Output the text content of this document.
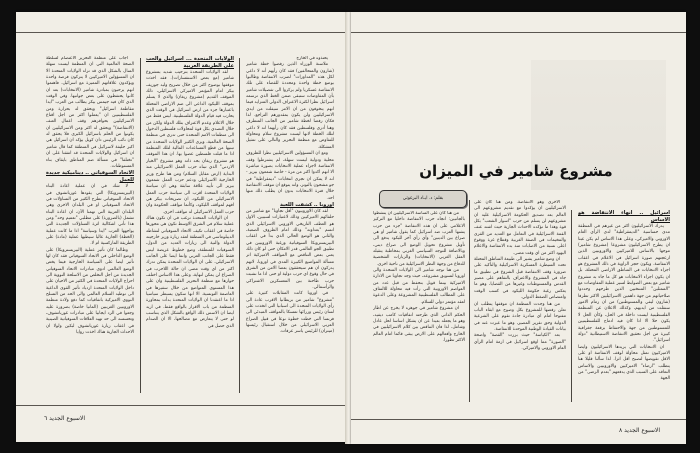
يحتذوه في الخارج

ملاسنة الوزراء الذين رفضوا خطة شامير (شارون والمتحالفين) فقد كان رأيهم أنه لا داعي لكل هذه "المداورات" لضرب الانتفاضة وطالبوا بوضع خطة واحدة ومحددة للقضاء على تلك الانتفاضة عسكريا ولم يركزوا الى تفصيلات شامير بأن المفاوضات ستبقى ضمن الخط الذي ترسمه اسرائيل نظرا لكثرة الاعتراف الدولي المتزايد فيما انهم يتخوفون من ان الامر سيفلت من ايدي الاسرائيليين ولن يكون بمقدورهم التراجع. لذا فكان رفضا لخطة شامير من الجانب المتطرف وهنا أدرى وفلسطين فقد كان رأيهما انه لا داعي لتلك الخطة لانها ليست مشروع سلام ومحاولة للتفاوض مع منظمة التحرير والتالي على تمثيل المشكلة.

ومع ان المسؤولين الاسرائيليين نظرا للظروف محلية ودولية ليست سهلة، لم يشترطوا وقف الانتفاضة لاجراء عملية الانتخابات بصورة مباشرة الا انهم اكدوا اكثر من مرة - خاصة شمعون بيريز - انه لا يمكن ان تجرى انتخابات "ديمقراطية" في جو مشحون بالتوتر، وانه يتوقع ان تتوقف الانتفاضة خلال فترة الانتخابات بدون ان يطلب ذلك منها احد.

اوروبا .. كشفت اللعبة

لقد كان الاوروبيون "أقل تجاوبا" مع شامير من حلفائهم الاميركيين وذلك لاعتبارات لسببين، الاول هو العطف التاريخي الاوروبي الاسرائيلي الذي اتسم "بعداوته" وذلك امام الظروف الصعبة، والثاني هو الوضع الحالي الذي بدأ في اعقاب البيريسترويكا السوفياتية ورغبة الاوروبيين في تطبيق الجو العالمي قدر الامكان حتى لو كان ذلك يعني بعض التناقض مع المواقف الاميركية اثر مسألة المواضيع الكبيرة المدى في اوروبا، لانهم يدركون ان هم سيحققون بعضا الامن من الشرق في حال وقوع اي حرب دولية او حتى اذا ما نشبت حرب طاحنة بين المعسكرين الاشتراكي والرأسمالي.

في اوروبا كانت المقابلات كثيرة على "مشروع" شامير من بريطانيا الاقرب عادة الى رأي الولايات المتحدة الى اسبانيا التي اتخذت على لسان رئيس وزرائها تمسكا بالمواقف المبدئي الى فرنسا التي خطت خطوة نوعا في قبيل الصراع العربي الاسرائيلي من خلال استقبال رئيسها (ميتران) للرئيس ياسر عرفات.

الولايات المتحدة ... اسرائيل والحب على الطريقة العربية

لقد الولايات المتحدة بترحيب شديد بمشروع شامير (مع بعض الاستفسارات). فقد اخذت موقفها بوضوح اكثر من خلال تصريح وليد جوزيف بيكر امام المؤتمر الاميركي الاسرائيلي، ذلك الموقف القديم (مشروع ريغان) والذي لا يسلم بموقف الليكود الداعي الى ضم الاراضي المحتلة باعتبارها جزء من ارض اسرائيل في الوقت الذي يحارب فيه قيام الدولة الفلسطينية. ليس فقط من خلال الاعلام وعدم الاعتراف بتلك الدولة ولكن من خلال التصدي بكل قوة لمحاولات فلسطين الدخول الى منظمات الامم المتحدة حتى تدري في منظمة الصحة العالمية، ويرى الكثير الولايات المتحدة من تبنيها من قطع المساعدات المالية لتلك المنظمة اذا ما قبلت فلسطين عضوا بها. ان هذا الموقف هو مشروع ريغان بحد ذاته وهو مشروع "الخيار الاردني" الذي تبناه حزب العمل الاسرائيلي منذ البداية (ارض مقابل السلام) ومن هنا طرح وزير الخارجية الاسرائيلي ودعم حزب العمل شمعون بيريز الى تأييد علاقة سابقة وهي ان سياسة الولايات المتحدة اقرب الى سياسة حزب العمل الاسرائيلي من الليكود، ان تصريحات بيكر هي افهم لمواقف الليكود، وكأنما مواقف الحكومة وان حزب العمل الاسرائيلي له مواقف اخرى.

ان الولايات المتحدة ترغب في ان تكون هناك عملية سلام في الشرق الاوسط تكون هي محورها خاصة في اعقاب تكيف الاتحاد السوفياتي لنشاطه الديبلوماسي في المنطقة لعقد زيارة وزير خارجيته الدولة والنية الى زيارات العديد من الدول، السوفيات للمنطقة، وضع خطوط عريضة ليس فقط على الجانب العربي وانما ايضا على الجانب الاسرائيلي، على ان الولايات المتحدة يمكن تدرك اكثر من اي وقت مضى ان حالة اللاحرب في الصراع لن يمكن لنهاية، وعلى هذا الاساس اختلف حوارها مع منظمة التحرير الفلسطينية وان على هذا المستوى المتواضع من خلال سفيرها في العاصمة التونسية. الا انها سكون يسبطر سياسيا اذا ما اعتقدنا ان الولايات المتحدة بدأت بمحاورة المنظمة من باب الاقرار بالواقع فقط. في اريد ايضا ان الاسس ذلك الواقع بالشكل الذي يتناسب لو حتى لا يتعارض مع مصالحها، الا ان الصدام الذي حصل في

اجاب على منظمة التحرير الاعتصام لسلطة الصحة العالمية التي ان المنظمة ليست سهلة المنال بالشكل الذي قد تراه الولايات المتحدة الا ان المسؤولين الاميركيين لا يتركون فرصة واحدة ويؤكدون علاقاتهم المميزة مع اسرائيل، فاهتموا انهم يرحبون بمبادرة شامير (الانتخابات) بعد ان كانوا يحتفظون على بعض جوانبها. وفي الوقت الذي كان فيه جيمس بيكر يطالب من العرب "ايدا مقاطعة اسرائيل" ويحقق له بحرارة ومن الفلسطينيين ان "يعملوا اكثر من اجل اقناع الاسرائيليين بحوافزهم وقف اعمال العنف (الانتفاضة)" ويحقق له اكثر ومن الاسرائيليين ان يكونوا من الحلم باسرائيل الكبرى فلا يحقق له كان نائب الرئيس دان كويل يؤكد ان اسرائيل هي اكبر حليفة لاسرائيل في المنطقة كما قال شامير ان اسرائيل والولايات المتحدة قد اتفقتا على ان "تختلفا" في مسألة ضم المناطق بايقاف بناء المستوطنات.

الاتحاد السوفياتي .. ديناميكية جديدة للعمل

لا شك في ان عملية اعادة البناء (البيريسترويكا) التي يقودها غورباتشوف في الاتحاد السوفياتي تطرح الكثير من التساؤلات في الاتحاد السوفياتي او في البلدان الاخرى وهي البلدان العربية التي تهمنا الآن، ان اعادة البناء تشمل (بالضرورة) على مطلبي "تعميم وحد" ومن هذا تأتي اشكالية اثرة التساؤلات الجديدة التي يواجهها العرب "ايدا وسياسة" اذا ما كانت عملية (الخطة) الجارية عاليا سيطيها عملية (مادة) على الطريقة الماركسية ام لا.

وطالما كان تأثير عملية (البيريسترويكا) على الوضع الداخلي في الاتحاد السوفياتي فقد كان لها تأثير ايضا على السياسة الخارجية فيما يخص الوضع العالمي ادوى مبادرات الاتحاد السوفياتي الجديدة من اجل التخلص من الاسلحة النووية الى احراج الولايات المتحدة في الكثير من الاحيان على داخل الولايات المتحدة ازدياد تأثير القوى الداعية الى توطيد السلام العالمي والى الحد من التسلح النووي الاميركية باتفاقيات كما دفع ولادة منظمة الاوروبيين الغربيين (المانيا خاصة) بضرورة عليه وجعوا في الرد ايجابيا على مبادرات غورباتشوف، وتحسسه الى حد تهيد العلاقات السوفياتية الصينية في اعقاب زيارة غورباتشوف لبكين ولولا ان الاحداث الجارية هناك اخذت روايا

الاسبوع الجديد ٦
مشروع شامير في الميزان
بقلم: د. ايـاد البرغوثي

اسرائيل .. انهاء الانتفاضة هو الاساس

يدرك الاسرائيليون اكثر من غيرهم في المنطقة مدى حساسية "الديمقراطية" لدى الرأي العام الاوروبي والاميركي، وعلى هذا الاساس لم يكن عبثا ان يطرح الاسرائيليون مشروعا (مشروع شامير) موجها بالاساس للاميركيين والاوروبيين الذين ازعجتهم صورة اسرائيل في الاعلام في اعقاب الانتفاضة. ويكون حجر الزاوية في ذلك المشروع هو اجراء الانتخابات في المناطق الاراضي المحتلة، بل ان يكون اجراء الانتخابات هو كل ما جاء به مشروع شامير مع بعض الضوابط لسير عملية المفاوضات مع "الممثلين" المنتخبين الذين طرحهم وحددوا صلاحياتهم من جهة داهمين الاسرائيليين الاكثر تطرفا (شارون ليفي والمستوطنين) من ان زمام الامور ستفلت من ايديهم، وكذلك الاعلان عن المنظمة الفلسطينية ليست داخلة في الحل، وكأن الحل لا يكون حلا الا اذا كان فيه ادماج للفلسطينيين للمستوطنين من جهة والاحتفاظ برقعة جغرافية كبيرة من اجل تحقيق الانتفاضة الاستيطانية "دولة اسرائيل".

ان الانتخابات التي يريدها الاسرائيليون وايضا الاميركيون تمثل محاولة لوقف الانتفاضة او على الاقل تقويضها لتصبح اقل اثرا. لذا سألنا قليلا هنا يتطلب "ارضاء" الاميركيين والاوروبيين والاساس التعاقد على السبب الذي يدفعهم "بعدم الرضى" من الجهة

الاخرى وهو الانتفاضة. ومن هنا كان على الاسرائيليين ان يؤكدوا مع تقديم مشروعهم الى العالم بعد تصديق الحكومة الاسرائيلية عليه ان مشروعهم لن يسلم من حرب "اسوار الشعب" بكل قوة وهذا ما تؤكده الاحداث الجارية حيث اشتد عنف القمة الاسرائيلية في التعامل مع العديد من القرى والمخيمات في الضفة الغربية وقطاع غزة ووقوع اعلى نسبة من الاصابات منذ بدء الانتفاضة والاعلام اليهود اكثر من اي وقت مضى.

ان وضع شامير يشير الى طبيعة المناطق المحتلة تحت السيطرة العسكرية الاسرائيلية والتأكيد على ضرورة وقف الانتفاضة قبل الشروع في تطبيق ما جاء في المشروع والاعتراف بالتفاهم على مصير القدس والمستوطنات وغيرها من القضايا، وهو ما يعكس رغبة حكومة الليكود في كسب الوقت وامتصاص الضغط الدولي.

من هنا وجدت المنظمة ان موقفها يتطلب ان تعلن رفضها للمشروع بكل وضوح مع ابقاء الباب مفتوحا امام اي مبادرة جادة تقوم على الشرعية الدولية وحق تقرير المصير، وهو ما عبرت عنه في بيانات القيادة الوطنية الموحدة للانتفاضة.

بعد "الكياسة" حيث برزت "القصة" واضحة "الصورة" مما اوقع اسرائيل في ازمة امام الرأي العام الاوروبي والاميركي.

من هنا كان على الساسة الاسرائيليين ان ينشطوا بالجانبين: اتجاه حرب الانتفاضة داخليا مع التركيز الاعلامي على ان هذه الانتفاضة "جزء من حرب يشنها العرب ضد اسرائيل كما يقول شامير او هي صراع بين الدينين" وأي رأي آخر لليكود يدفع الى تأويل مشروع تحويل الوضع الى صراع ديني، وبالاضافة للتوجه السياسي الغربي بمخاطبة يتقبله العقل الغربي (الانتخابات) والزيارات الشخصية للدفاع من وجهة النظر الاسرائيلية من ناحية اخرى.

من هنا توجه شامير الى الولايات المتحدة والى اوروبا لتسويق مشروعه، حيث وجد تجاوبا من الادارة الاميركية بينما قوبل بتحفظ من قبل عدد من العواصم الاوروبية التي رأت فيه محاولة للالتفاف على المطالب الفلسطينية المشروعة وعلى الدعوة لعقد مؤتمر دولي للسلام.

ان مشروع شامير في جوهره لا يخرج عن اطار الحكم الذاتي الذي طرحته اتفاقيات كامب ديفيد، وهو ما يجعله بعيدا عن ان يشكل اساسا لحل عادل وشامل، لذا فان التناقض بين كلام الاسرائيليين في الخارج وافعالهم على الارض يبقى قائما امام العالم الاكثر تطورا.

الاسبوع الجديد ٨
